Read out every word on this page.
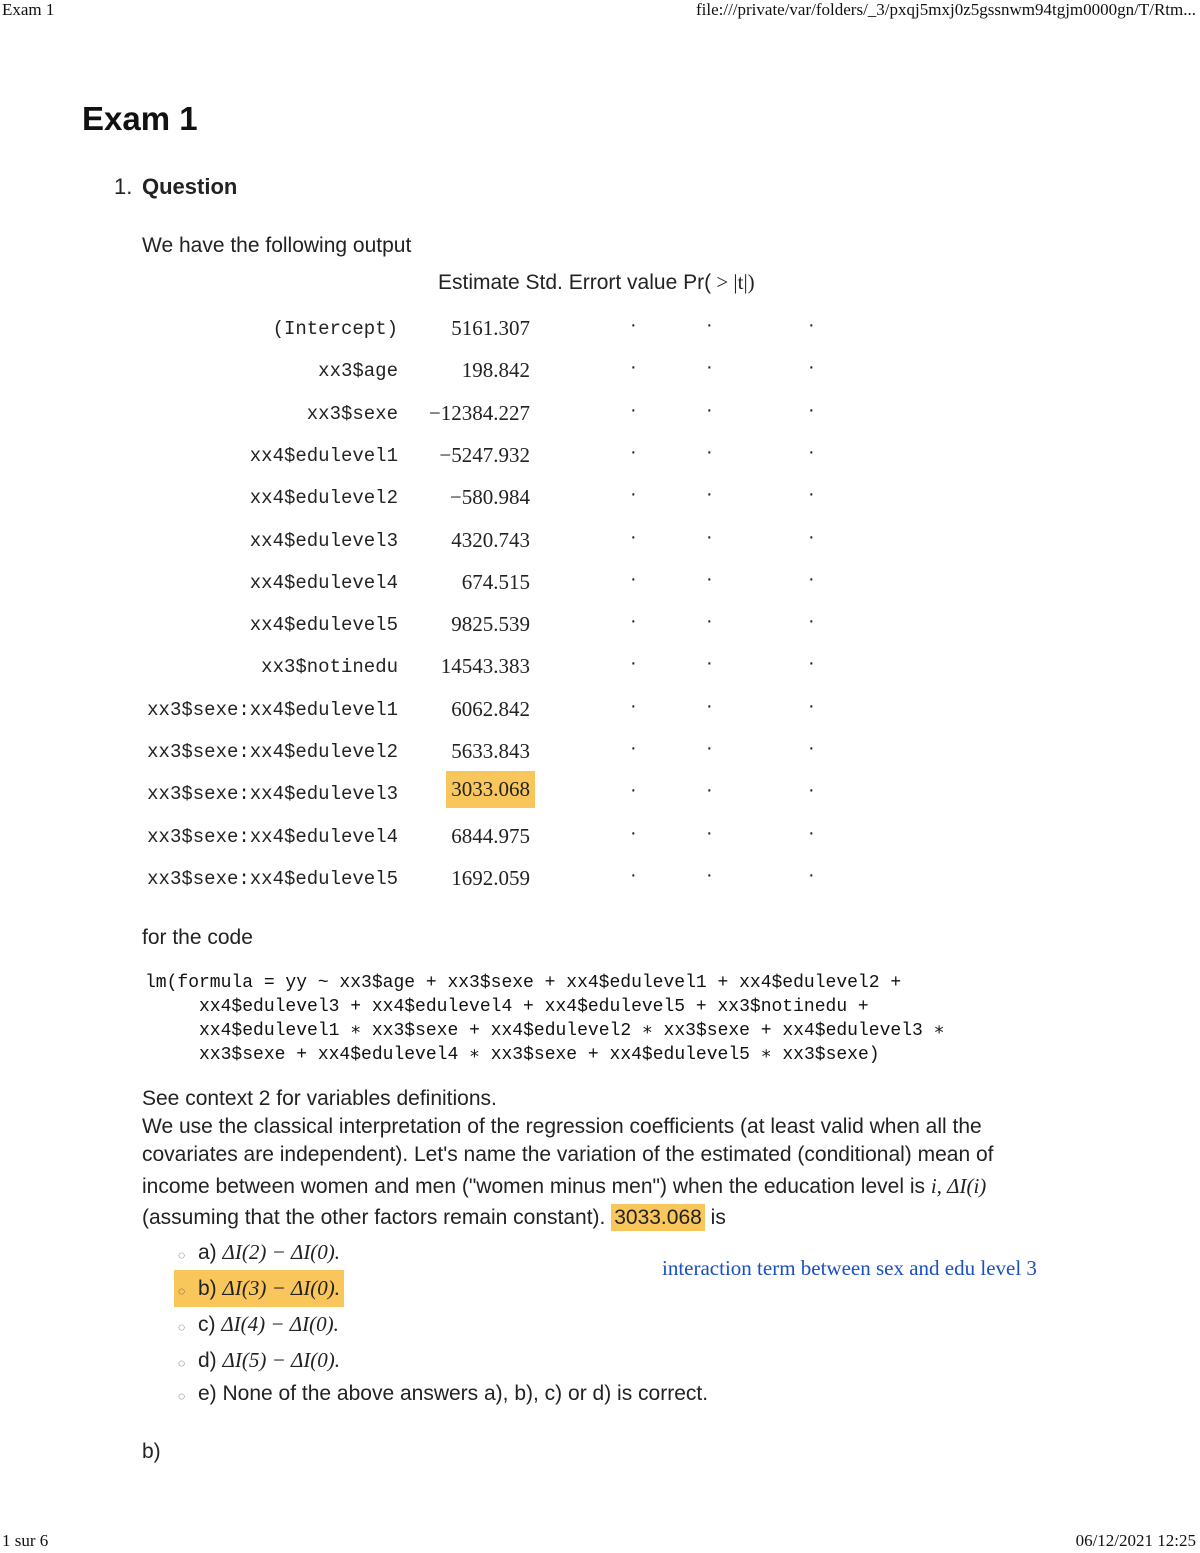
Exam 1	file:///private/var/folders/_3/pxqj5mxj0z5gssnwm94tgjm0000gn/T/Rtm...
Exam 1
1. Question
We have the following output
Estimate Std. Errort value Pr( > |t|)
(Intercept)	5161.307	·	·	·
xx3$age	198.842	·	·	·
xx3$sexe −12384.227	·	·	·
xx4$edulevel1 −5247.932	·	·	·
xx4$edulevel2 −580.984	·	·	·
xx4$edulevel3	4320.743	·	·	·
xx4$edulevel4	674.515	·	·	·
xx4$edulevel5	9825.539	·	·	·
xx3$notinedu 14543.383	·	·	·
xx3$sexe:xx4$edulevel1	6062.842	·	·	·
xx3$sexe:xx4$edulevel2	5633.843	·	·	·
xx3$sexe:xx4$edulevel3	3033.068	·	·	·
xx3$sexe:xx4$edulevel4	6844.975	·	·	·
xx3$sexe:xx4$edulevel5	1692.059	·	·	·
for the code
lm(formula = yy ~ xx3$age + xx3$sexe + xx4$edulevel1 + xx4$edulevel2 +
xx4$edulevel3 + xx4$edulevel4 + xx4$edulevel5 + xx3$notinedu +
xx4$edulevel1 ∗ xx3$sexe + xx4$edulevel2 ∗ xx3$sexe + xx4$edulevel3 ∗
xx3$sexe + xx4$edulevel4 ∗ xx3$sexe + xx4$edulevel5 ∗ xx3$sexe)
See context 2 for variables definitions.
We use the classical interpretation of the regression coefficients (at least valid when all the
covariates are independent). Let's name the variation of the estimated (conditional) mean of
income between women and men ("women minus men") when the education level is i, ΔI(i)
(assuming that the other factors remain constant). 3033.068 is
◌ a) ΔI(2) − ΔI(0).
◌ b) ΔI(3) − ΔI(0).
◌ c) ΔI(4) − ΔI(0).
◌ d) ΔI(5) − ΔI(0).
◌ e) None of the above answers a), b), c) or d) is correct.
interaction term between sex and edu level 3
b)
1 sur 6	06/12/2021 12:25
